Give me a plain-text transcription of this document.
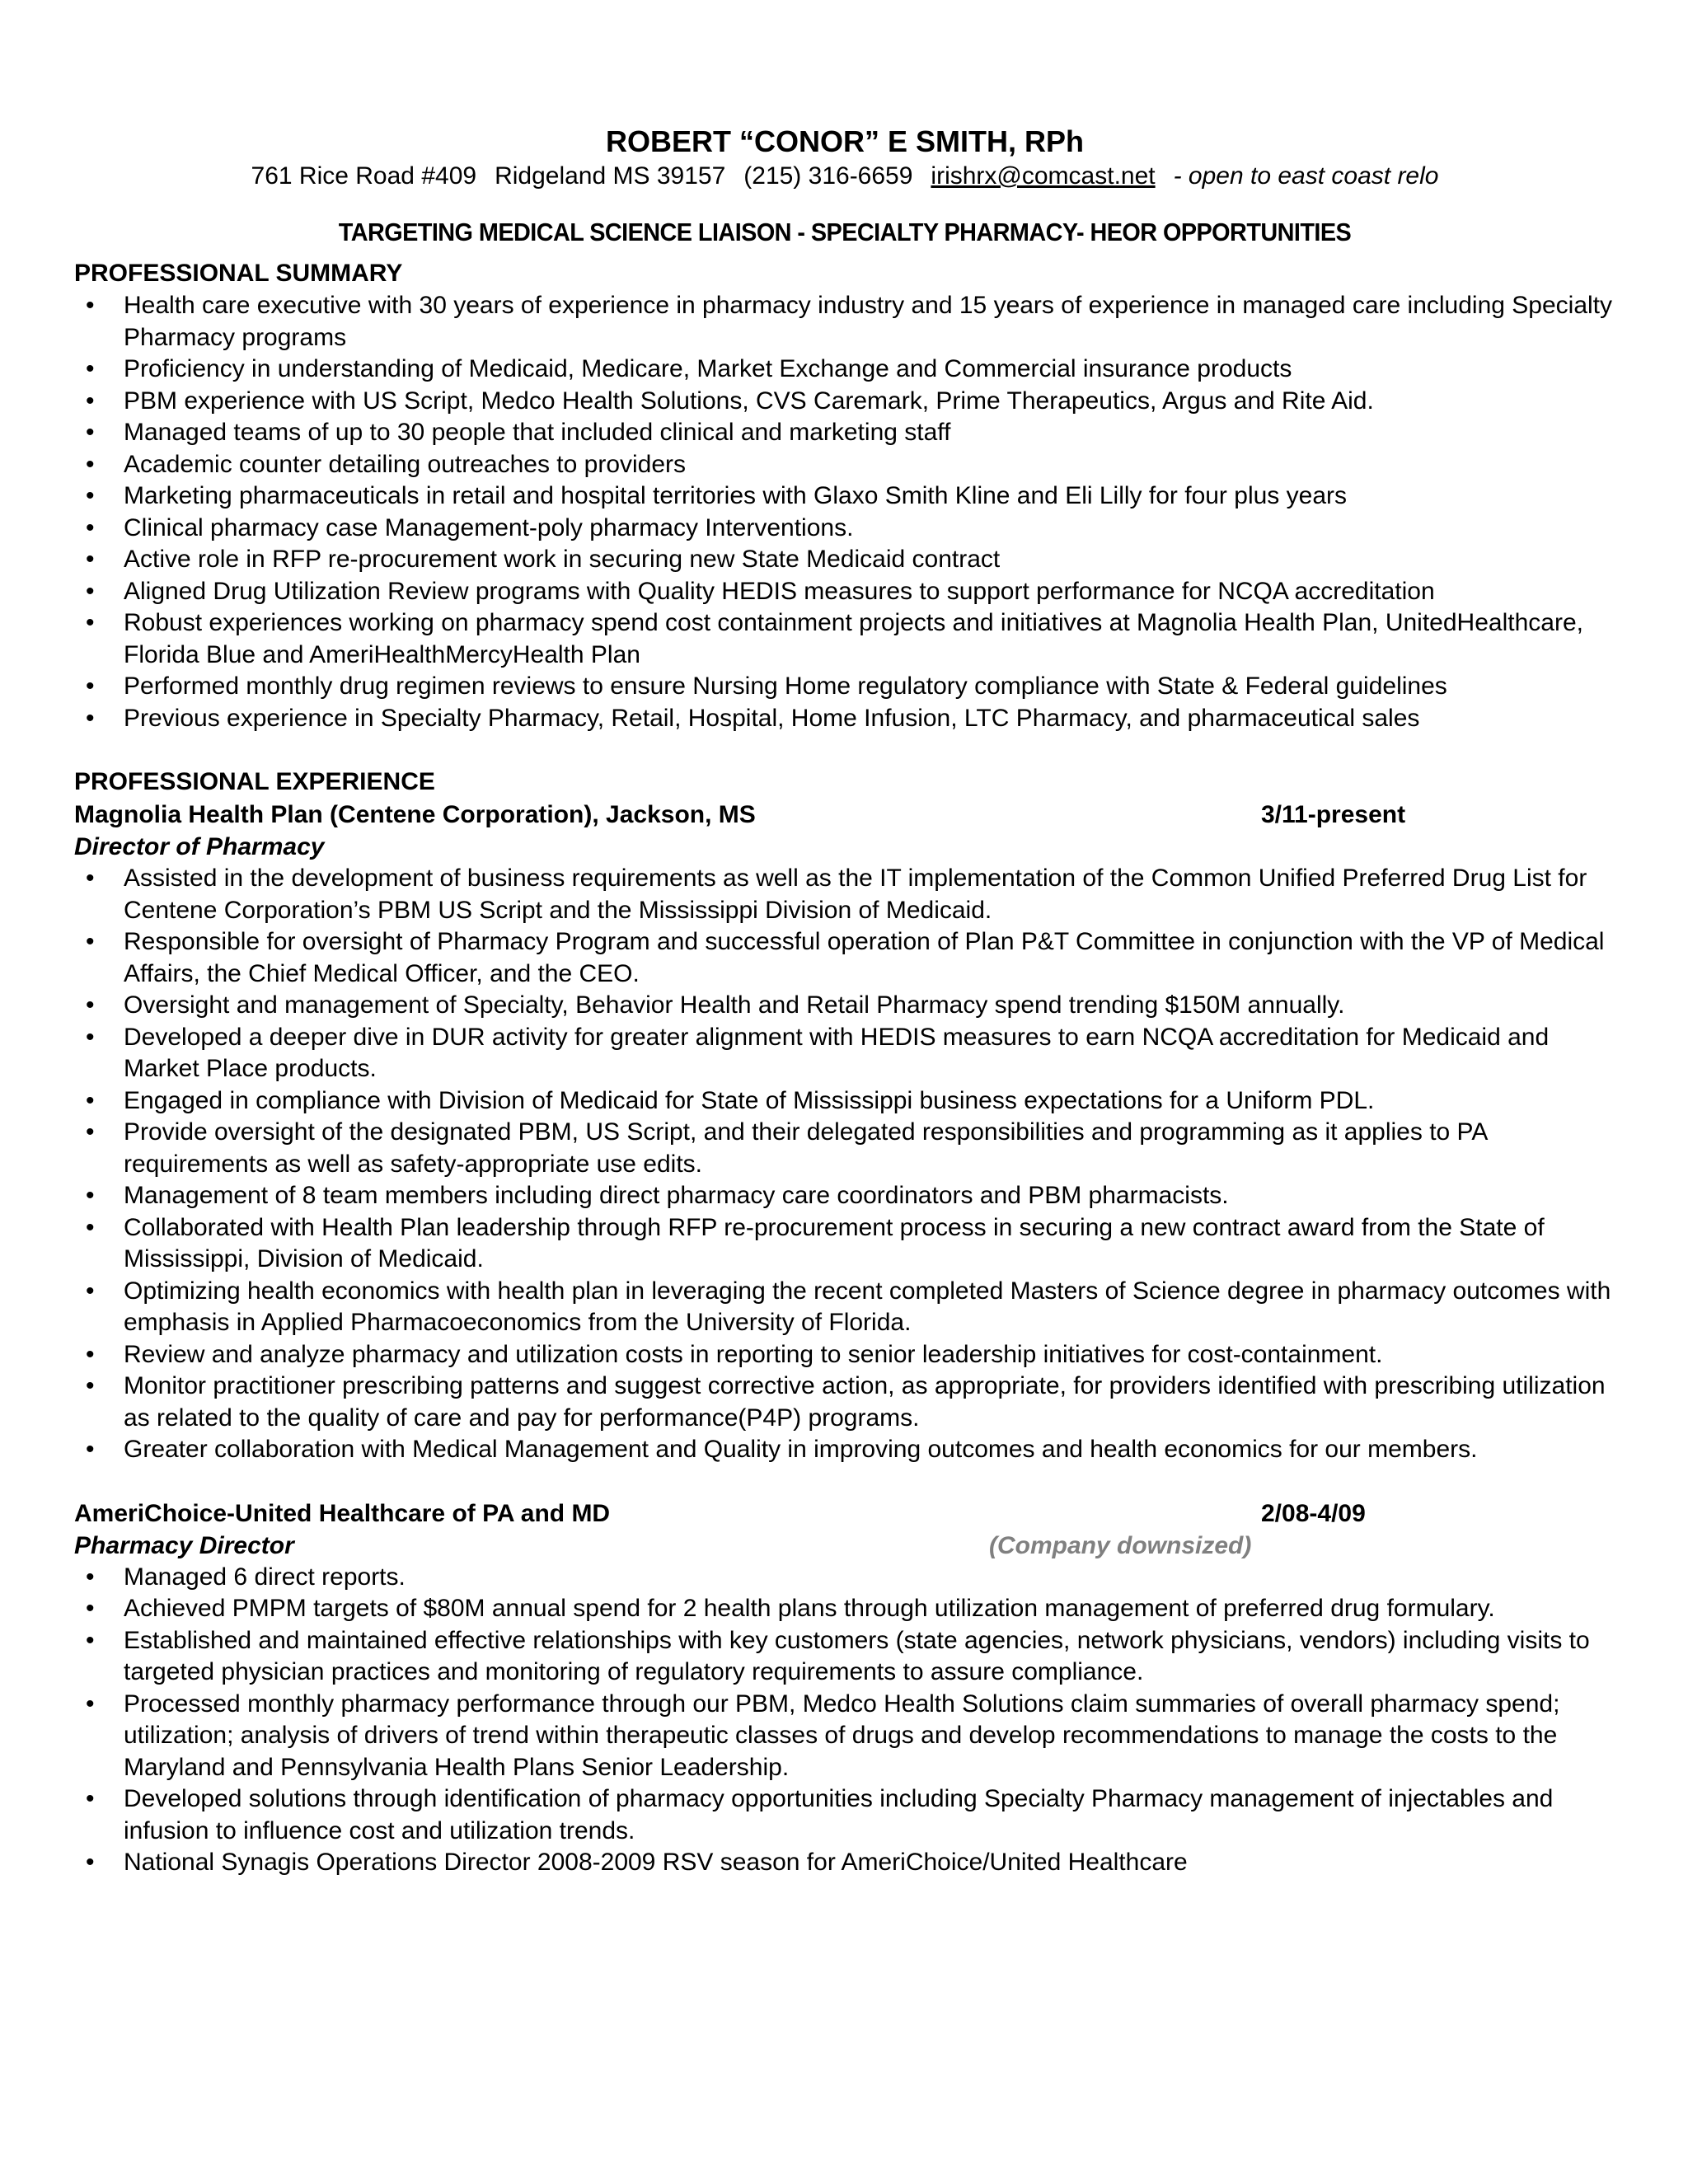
ROBERT “CONOR” E SMITH, RPh

761 Rice Road #409 Ridgeland MS 39157 (215) 316-6659 irishrx@comcast.net - open to east coast relo

TARGETING MEDICAL SCIENCE LIAISON - SPECIALTY PHARMACY- HEOR OPPORTUNITIES
PROFESSIONAL SUMMARY
• Health care executive with 30 years of experience in pharmacy industry and 15 years of experience in managed care including Specialty Pharmacy programs
• Proficiency in understanding of Medicaid, Medicare, Market Exchange and Commercial insurance products
• PBM experience with US Script, Medco Health Solutions, CVS Caremark, Prime Therapeutics, Argus and Rite Aid.
• Managed teams of up to 30 people that included clinical and marketing staff
• Academic counter detailing outreaches to providers
• Marketing pharmaceuticals in retail and hospital territories with Glaxo Smith Kline and Eli Lilly for four plus years
• Clinical pharmacy case Management-poly pharmacy Interventions.
• Active role in RFP re-procurement work in securing new State Medicaid contract
• Aligned Drug Utilization Review programs with Quality HEDIS measures to support performance for NCQA accreditation
• Robust experiences working on pharmacy spend cost containment projects and initiatives at Magnolia Health Plan, UnitedHealthcare, Florida Blue and AmeriHealthMercyHealth Plan
• Performed monthly drug regimen reviews to ensure Nursing Home regulatory compliance with State & Federal guidelines
• Previous experience in Specialty Pharmacy, Retail, Hospital, Home Infusion, LTC Pharmacy, and pharmaceutical sales
PROFESSIONAL EXPERIENCE
Magnolia Health Plan (Centene Corporation), Jackson, MS	3/11-present
Director of Pharmacy
• Assisted in the development of business requirements as well as the IT implementation of the Common Unified Preferred Drug List for Centene Corporation’s PBM US Script and the Mississippi Division of Medicaid.
• Responsible for oversight of Pharmacy Program and successful operation of Plan P&T Committee in conjunction with the VP of Medical Affairs, the Chief Medical Officer, and the CEO.
• Oversight and management of Specialty, Behavior Health and Retail Pharmacy spend trending $150M annually.
• Developed a deeper dive in DUR activity for greater alignment with HEDIS measures to earn NCQA accreditation for Medicaid and Market Place products.
• Engaged in compliance with Division of Medicaid for State of Mississippi business expectations for a Uniform PDL.
• Provide oversight of the designated PBM, US Script, and their delegated responsibilities and programming as it applies to PA requirements as well as safety-appropriate use edits.
• Management of 8 team members including direct pharmacy care coordinators and PBM pharmacists.
• Collaborated with Health Plan leadership through RFP re-procurement process in securing a new contract award from the State of Mississippi, Division of Medicaid.
• Optimizing health economics with health plan in leveraging the recent completed Masters of Science degree in pharmacy outcomes with emphasis in Applied Pharmacoeconomics from the University of Florida.
• Review and analyze pharmacy and utilization costs in reporting to senior leadership initiatives for cost-containment.
• Monitor practitioner prescribing patterns and suggest corrective action, as appropriate, for providers identified with prescribing utilization as related to the quality of care and pay for performance(P4P) programs.
• Greater collaboration with Medical Management and Quality in improving outcomes and health economics for our members.
AmeriChoice-United Healthcare of PA and MD	2/08-4/09
Pharmacy Director	(Company downsized)
• Managed 6 direct reports.
• Achieved PMPM targets of $80M annual spend for 2 health plans through utilization management of preferred drug formulary.
• Established and maintained effective relationships with key customers (state agencies, network physicians, vendors) including visits to targeted physician practices and monitoring of regulatory requirements to assure compliance.
• Processed monthly pharmacy performance through our PBM, Medco Health Solutions claim summaries of overall pharmacy spend; utilization; analysis of drivers of trend within therapeutic classes of drugs and develop recommendations to manage the costs to the Maryland and Pennsylvania Health Plans Senior Leadership.
• Developed solutions through identification of pharmacy opportunities including Specialty Pharmacy management of injectables and infusion to influence cost and utilization trends.
• National Synagis Operations Director 2008-2009 RSV season for AmeriChoice/United Healthcare
